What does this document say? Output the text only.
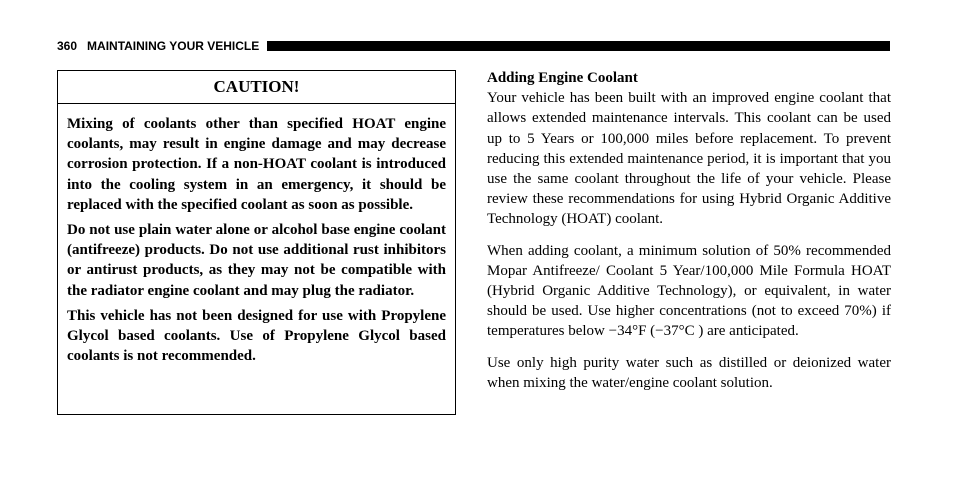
360 MAINTAINING YOUR VEHICLE
CAUTION!

Mixing of coolants other than specified HOAT engine coolants, may result in engine damage and may decrease corrosion protection. If a non-HOAT coolant is introduced into the cooling system in an emergency, it should be replaced with the specified coolant as soon as possible.

Do not use plain water alone or alcohol base engine coolant (antifreeze) products. Do not use additional rust inhibitors or antirust products, as they may not be compatible with the radiator engine coolant and may plug the radiator.

This vehicle has not been designed for use with Propylene Glycol based coolants. Use of Propylene Glycol based coolants is not recommended.

Adding Engine Coolant

Your vehicle has been built with an improved engine coolant that allows extended maintenance intervals. This coolant can be used up to 5 Years or 100,000 miles before replacement. To prevent reducing this extended maintenance period, it is important that you use the same coolant throughout the life of your vehicle. Please review these recommendations for using Hybrid Organic Additive Technology (HOAT) coolant.

When adding coolant, a minimum solution of 50% recommended Mopar Antifreeze/ Coolant 5 Year/100,000 Mile Formula HOAT (Hybrid Organic Additive Technology), or equivalent, in water should be used. Use higher concentrations (not to exceed 70%) if temperatures below −34°F (−37°C ) are anticipated.

Use only high purity water such as distilled or deionized water when mixing the water/engine coolant solution.
